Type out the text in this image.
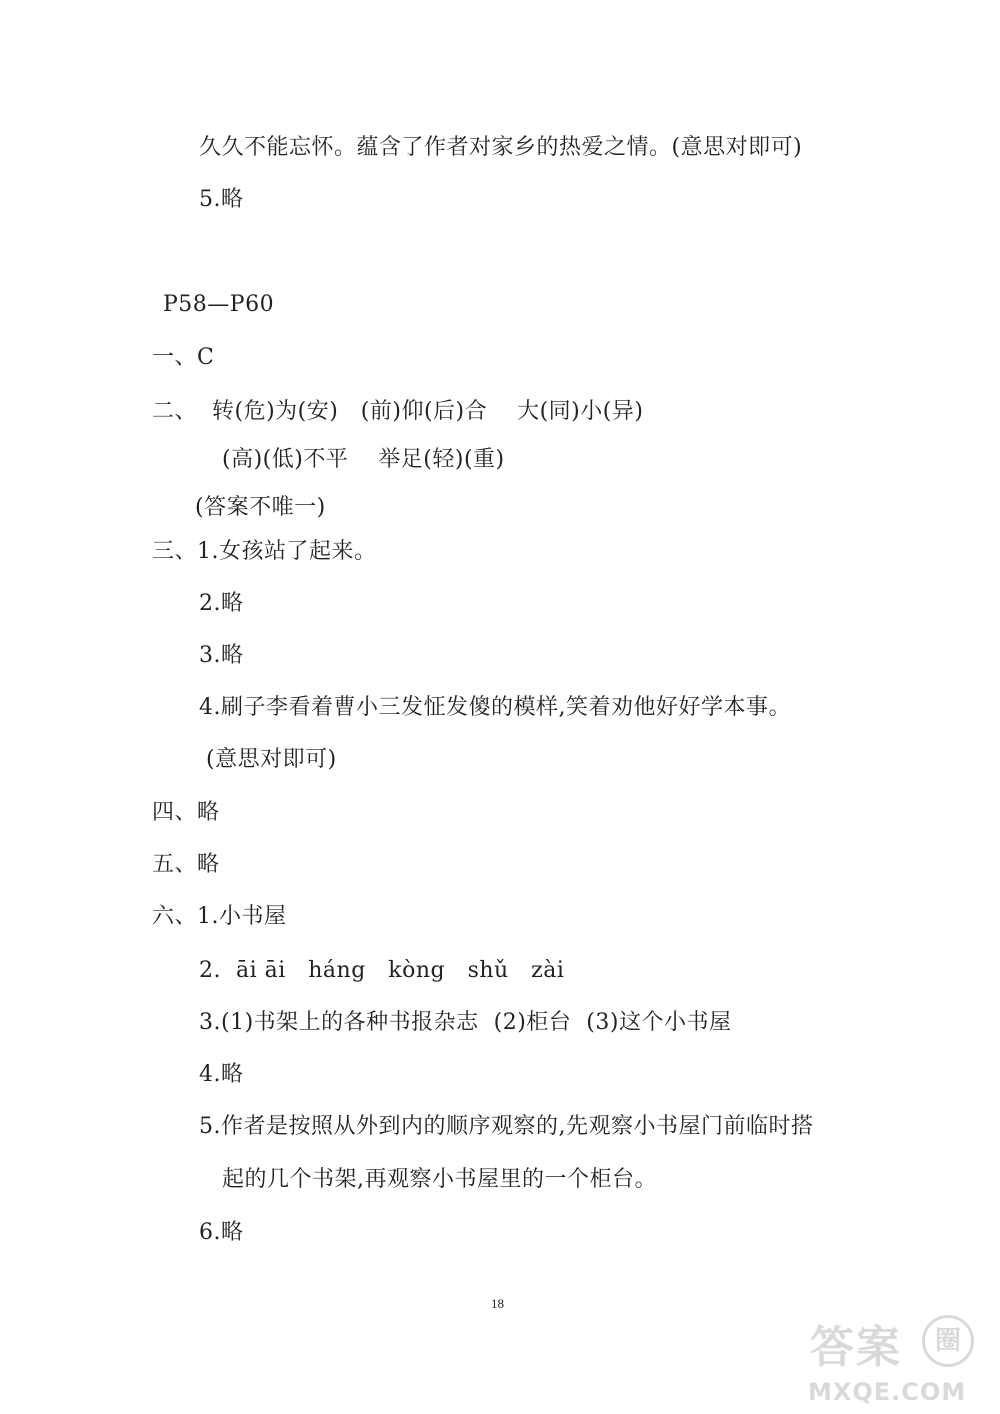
久久不能忘怀。蕴含了作者对家乡的热爱之情。(意思对即可)
5.略
P58—P60
一、C
二、  转(危)为(安)   (前)仰(后)合    大(同)小(异)
(高)(低)不平    举足(轻)(重)
(答案不唯一)
三、1.女孩站了起来。
2.略
3.略
4.刷子李看着曹小三发怔发傻的模样,笑着劝他好好学本事。
(意思对即可)
四、略
五、略
六、1.小书屋
2.  āi āi   háng   kòng   shǔ   zài
3.(1)书架上的各种书报杂志  (2)柜台  (3)这个小书屋
4.略
5.作者是按照从外到内的顺序观察的,先观察小书屋门前临时搭
起的几个书架,再观察小书屋里的一个柜台。
6.略
18
答案	圈
MXQE.COM
